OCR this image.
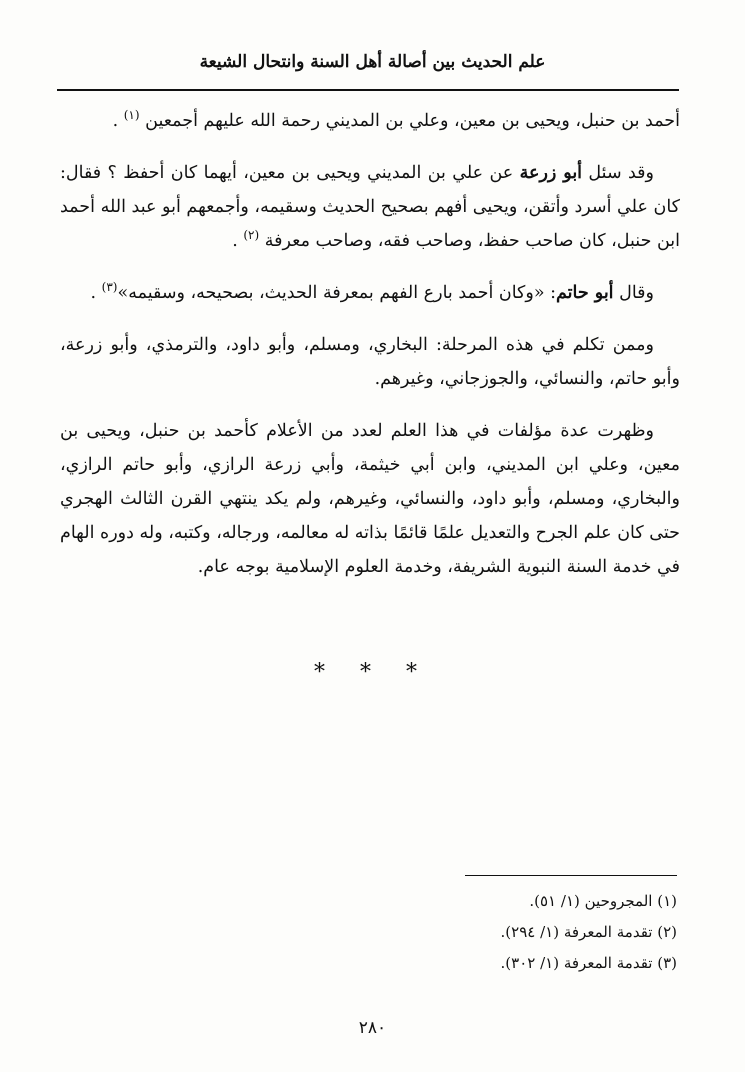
علم الحديث بين أصالة أهل السنة وانتحال الشيعة

أحمد بن حنبل، ويحيى بن معين، وعلي بن المديني رحمة الله عليهم أجمعين $^{(١)}$ .

وقد سئل أبو زرعة عن علي بن المديني ويحيى بن معين، أيهما كان أحفظ ؟ فقال: كان علي أسرد وأتقن، ويحيى أفهم بصحيح الحديث وسقيمه، وأجمعهم أبو عبد الله أحمد ابن حنبل، كان صاحب حفظ، وصاحب فقه، وصاحب معرفة $^{(٢)}$ .

وقال أبو حاتم: «وكان أحمد بارع الفهم بمعرفة الحديث، بصحيحه، وسقيمه»$^{(٣)}$ .

وممن تكلم في هذه المرحلة: البخاري، ومسلم، وأبو داود، والترمذي، وأبو زرعة، وأبو حاتم، والنسائي، والجوزجاني، وغيرهم.

وظهرت عدة مؤلفات في هذا العلم لعدد من الأعلام كأحمد بن حنبل، ويحيى بن معين، وعلي ابن المديني، وابن أبي خيثمة، وأبي زرعة الرازي، وأبو حاتم الرازي، والبخاري، ومسلم، وأبو داود، والنسائي، وغيرهم، ولم يكد ينتهي القرن الثالث الهجري حتى كان علم الجرح والتعديل علمًا قائمًا بذاته له معالمه، ورجاله، وكتبه، وله دوره الهام في خدمة السنة النبوية الشريفة، وخدمة العلوم الإسلامية بوجه عام.

* * *
(١) المجروحين (١/ ٥١).
(٢) تقدمة المعرفة (١/ ٢٩٤).
(٣) تقدمة المعرفة (١/ ٣٠٢).
٢٨٠
